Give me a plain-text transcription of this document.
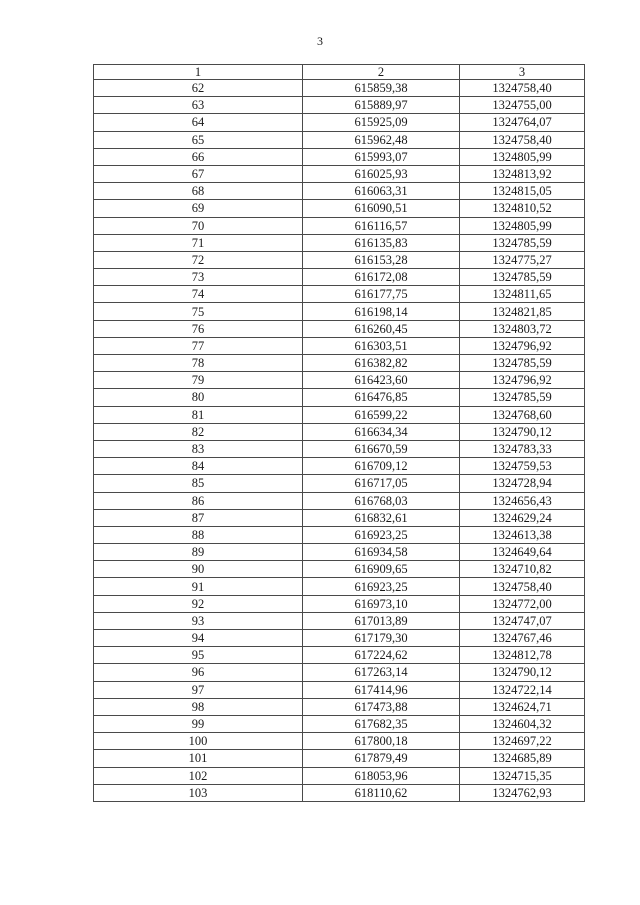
3
1	2	3
62	615859,38	1324758,40
63	615889,97	1324755,00
64	615925,09	1324764,07
65	615962,48	1324758,40
66	615993,07	1324805,99
67	616025,93	1324813,92
68	616063,31	1324815,05
69	616090,51	1324810,52
70	616116,57	1324805,99
71	616135,83	1324785,59
72	616153,28	1324775,27
73	616172,08	1324785,59
74	616177,75	1324811,65
75	616198,14	1324821,85
76	616260,45	1324803,72
77	616303,51	1324796,92
78	616382,82	1324785,59
79	616423,60	1324796,92
80	616476,85	1324785,59
81	616599,22	1324768,60
82	616634,34	1324790,12
83	616670,59	1324783,33
84	616709,12	1324759,53
85	616717,05	1324728,94
86	616768,03	1324656,43
87	616832,61	1324629,24
88	616923,25	1324613,38
89	616934,58	1324649,64
90	616909,65	1324710,82
91	616923,25	1324758,40
92	616973,10	1324772,00
93	617013,89	1324747,07
94	617179,30	1324767,46
95	617224,62	1324812,78
96	617263,14	1324790,12
97	617414,96	1324722,14
98	617473,88	1324624,71
99	617682,35	1324604,32
100	617800,18	1324697,22
101	617879,49	1324685,89
102	618053,96	1324715,35
103	618110,62	1324762,93
